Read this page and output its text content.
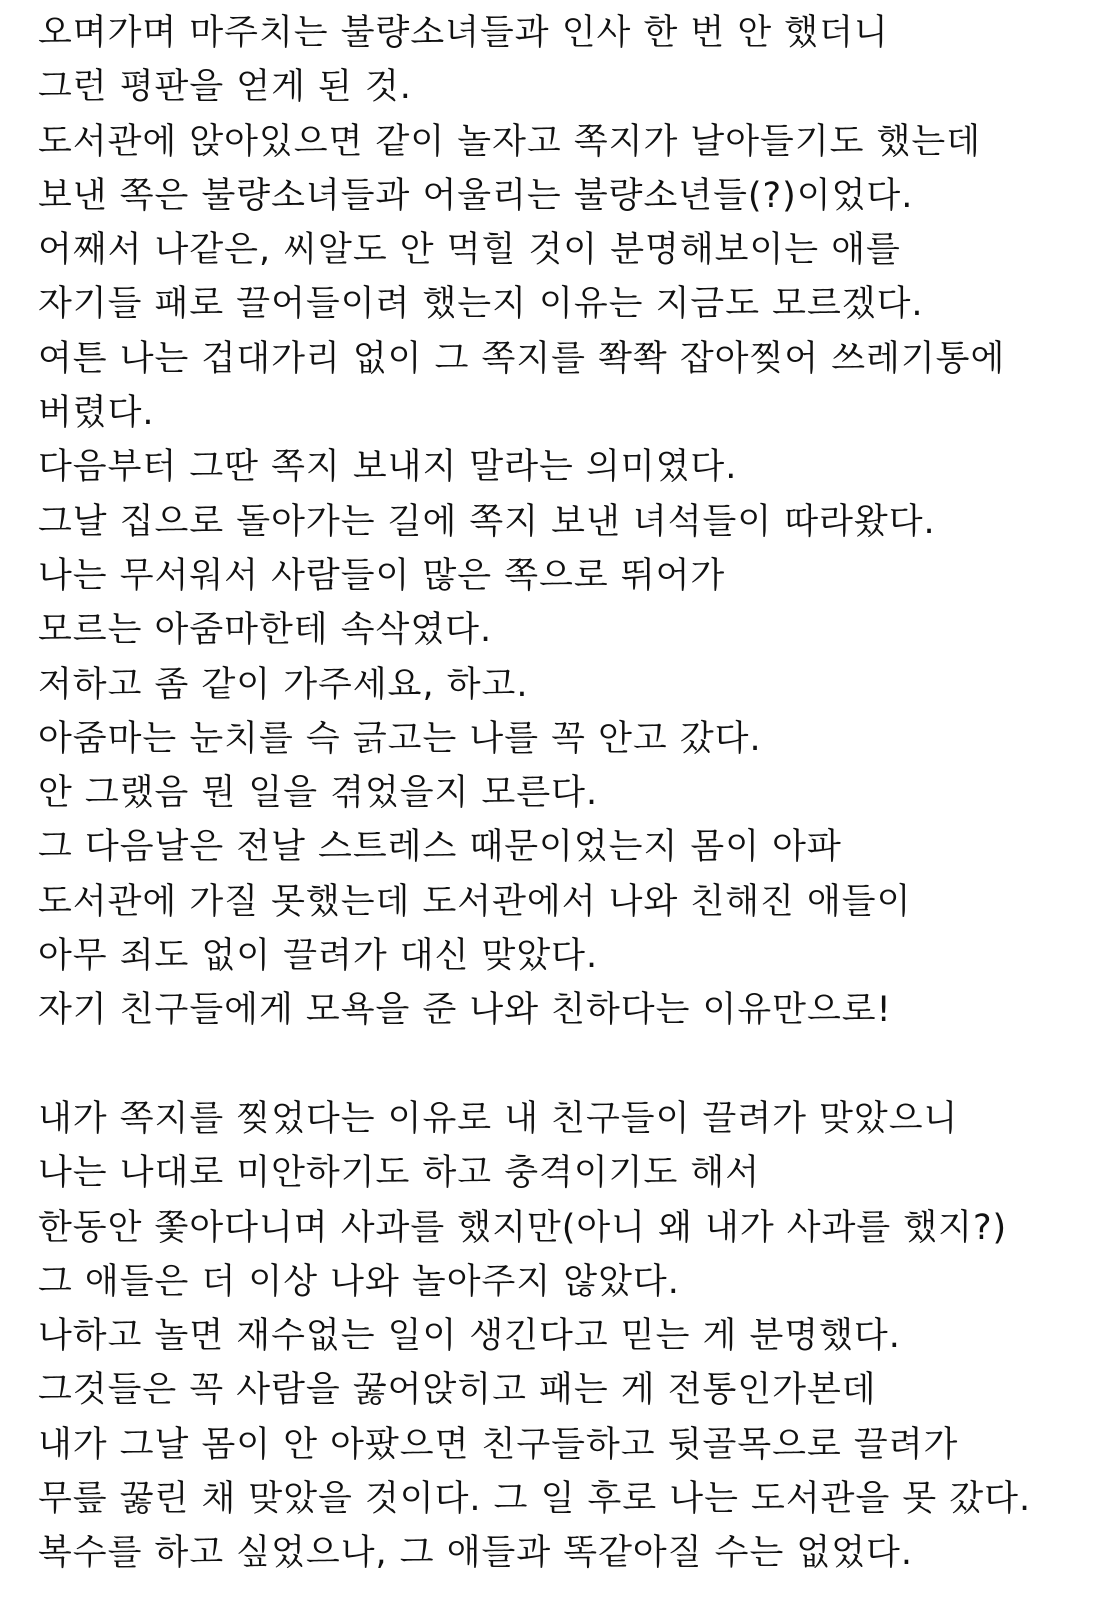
오며가며 마주치는 불량소녀들과 인사 한 번 안 했더니
그런 평판을 얻게 된 것.
도서관에 앉아있으면 같이 놀자고 쪽지가 날아들기도 했는데
보낸 쪽은 불량소녀들과 어울리는 불량소년들(?)이었다.
어째서 나같은, 씨알도 안 먹힐 것이 분명해보이는 애를
자기들 패로 끌어들이려 했는지 이유는 지금도 모르겠다.
여튼 나는 겁대가리 없이 그 쪽지를 쫙쫙 잡아찢어 쓰레기통에
버렸다.
다음부터 그딴 쪽지 보내지 말라는 의미였다.
그날 집으로 돌아가는 길에 쪽지 보낸 녀석들이 따라왔다.
나는 무서워서 사람들이 많은 쪽으로 뛰어가
모르는 아줌마한테 속삭였다.
저하고 좀 같이 가주세요, 하고.
아줌마는 눈치를 슥 긁고는 나를 꼭 안고 갔다.
안 그랬음 뭔 일을 겪었을지 모른다.
그 다음날은 전날 스트레스 때문이었는지 몸이 아파
도서관에 가질 못했는데 도서관에서 나와 친해진 애들이
아무 죄도 없이 끌려가 대신 맞았다.
자기 친구들에게 모욕을 준 나와 친하다는 이유만으로!
내가 쪽지를 찢었다는 이유로 내 친구들이 끌려가 맞았으니
나는 나대로 미안하기도 하고 충격이기도 해서
한동안 쫓아다니며 사과를 했지만(아니 왜 내가 사과를 했지?)
그 애들은 더 이상 나와 놀아주지 않았다.
나하고 놀면 재수없는 일이 생긴다고 믿는 게 분명했다.
그것들은 꼭 사람을 꿇어앉히고 패는 게 전통인가본데
내가 그날 몸이 안 아팠으면 친구들하고 뒷골목으로 끌려가
무릎 꿇린 채 맞았을 것이다. 그 일 후로 나는 도서관을 못 갔다.
복수를 하고 싶었으나, 그 애들과 똑같아질 수는 없었다.
